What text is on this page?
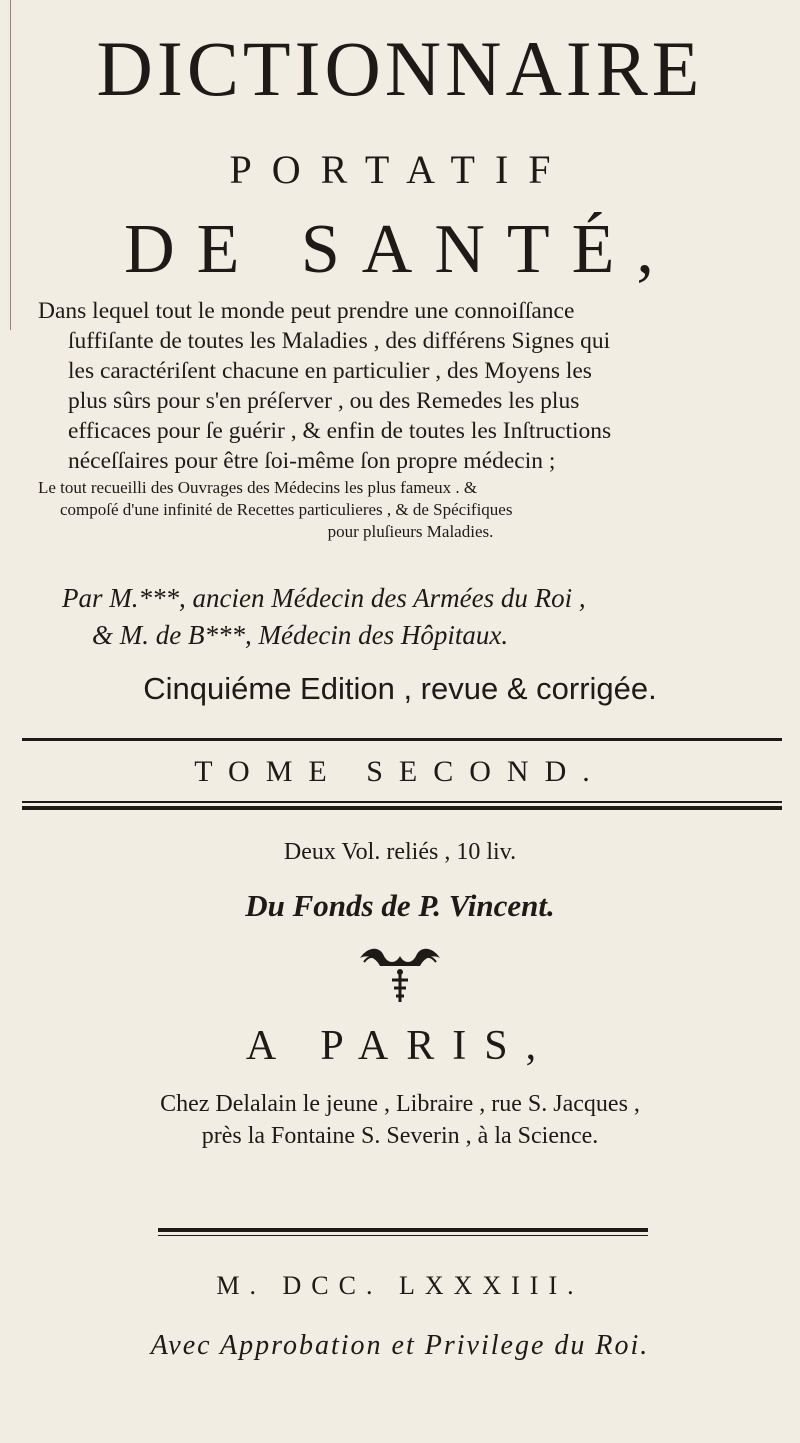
DICTIONNAIRE
PORTATIF
DE SANTÉ,
Dans lequel tout le monde peut prendre une connoiſſance
ſuffiſante de toutes les Maladies , des différens Signes qui
les caractériſent chacune en particulier , des Moyens les
plus sûrs pour s'en préſerver , ou des Remedes les plus
efficaces pour ſe guérir , & enfin de toutes les Inſtructions
néceſſaires pour être ſoi-même ſon propre médecin ;
Le tout recueilli des Ouvrages des Médecins les plus fameux . &
compoſé d'une infinité de Recettes particulieres , & de Spécifiques
pour pluſieurs Maladies.
Par M.***, ancien Médecin des Armées du Roi ,
& M. de B***, Médecin des Hôpitaux.
Cinquiéme Edition , revue & corrigée.
TOME SECOND.
Deux Vol. reliés , 10 liv.
Du Fonds de P. Vincent.
A PARIS,
Chez Delalain le jeune , Libraire , rue S. Jacques ,
près la Fontaine S. Severin , à la Science.
M. DCC. LXXXIII.
Avec Approbation et Privilege du Roi.
